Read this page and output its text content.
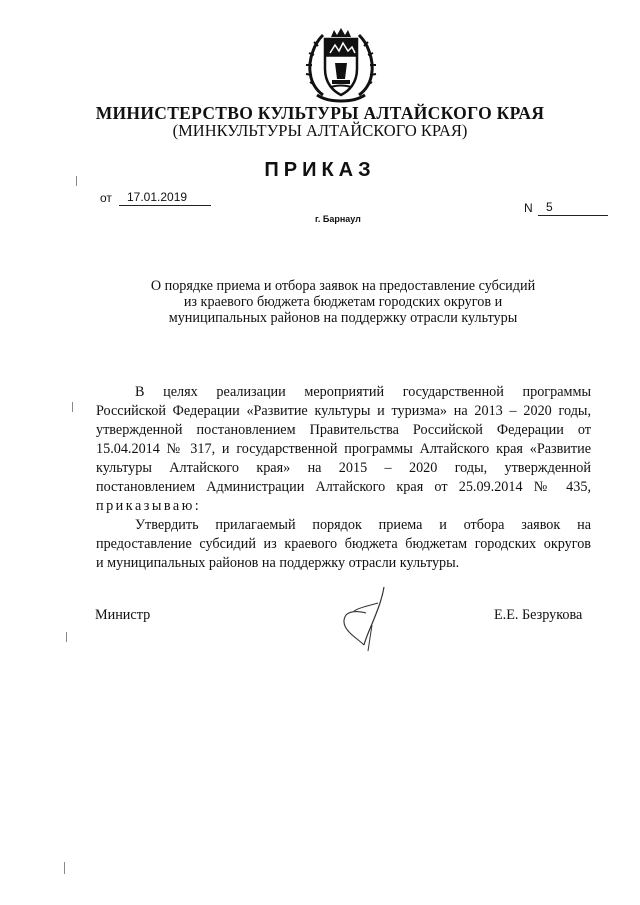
МИНИСТЕРСТВО КУЛЬТУРЫ АЛТАЙСКОГО КРАЯ
(МИНКУЛЬТУРЫ АЛТАЙСКОГО КРАЯ)
ПРИКАЗ
от	17.01.2019
N	5
г. Барнаул
О порядке приема и отбора заявок на предоставление субсидий
из краевого бюджета бюджетам городских округов и
муниципальных районов на поддержку отрасли культуры
В целях реализации мероприятий государственной программы
Российской Федерации «Развитие культуры и туризма» на 2013 – 2020 годы,
утвержденной постановлением Правительства Российской Федерации от
15.04.2014 № 317, и государственной программы Алтайского края «Развитие
культуры Алтайского края» на 2015 – 2020 годы, утвержденной
постановлением Администрации Алтайского края от 25.09.2014 № 435,
приказываю:
Утвердить прилагаемый порядок приема и отбора заявок на
предоставление субсидий из краевого бюджета бюджетам городских округов
и муниципальных районов на поддержку отрасли культуры.
Министр	Е.Е. Безрукова
